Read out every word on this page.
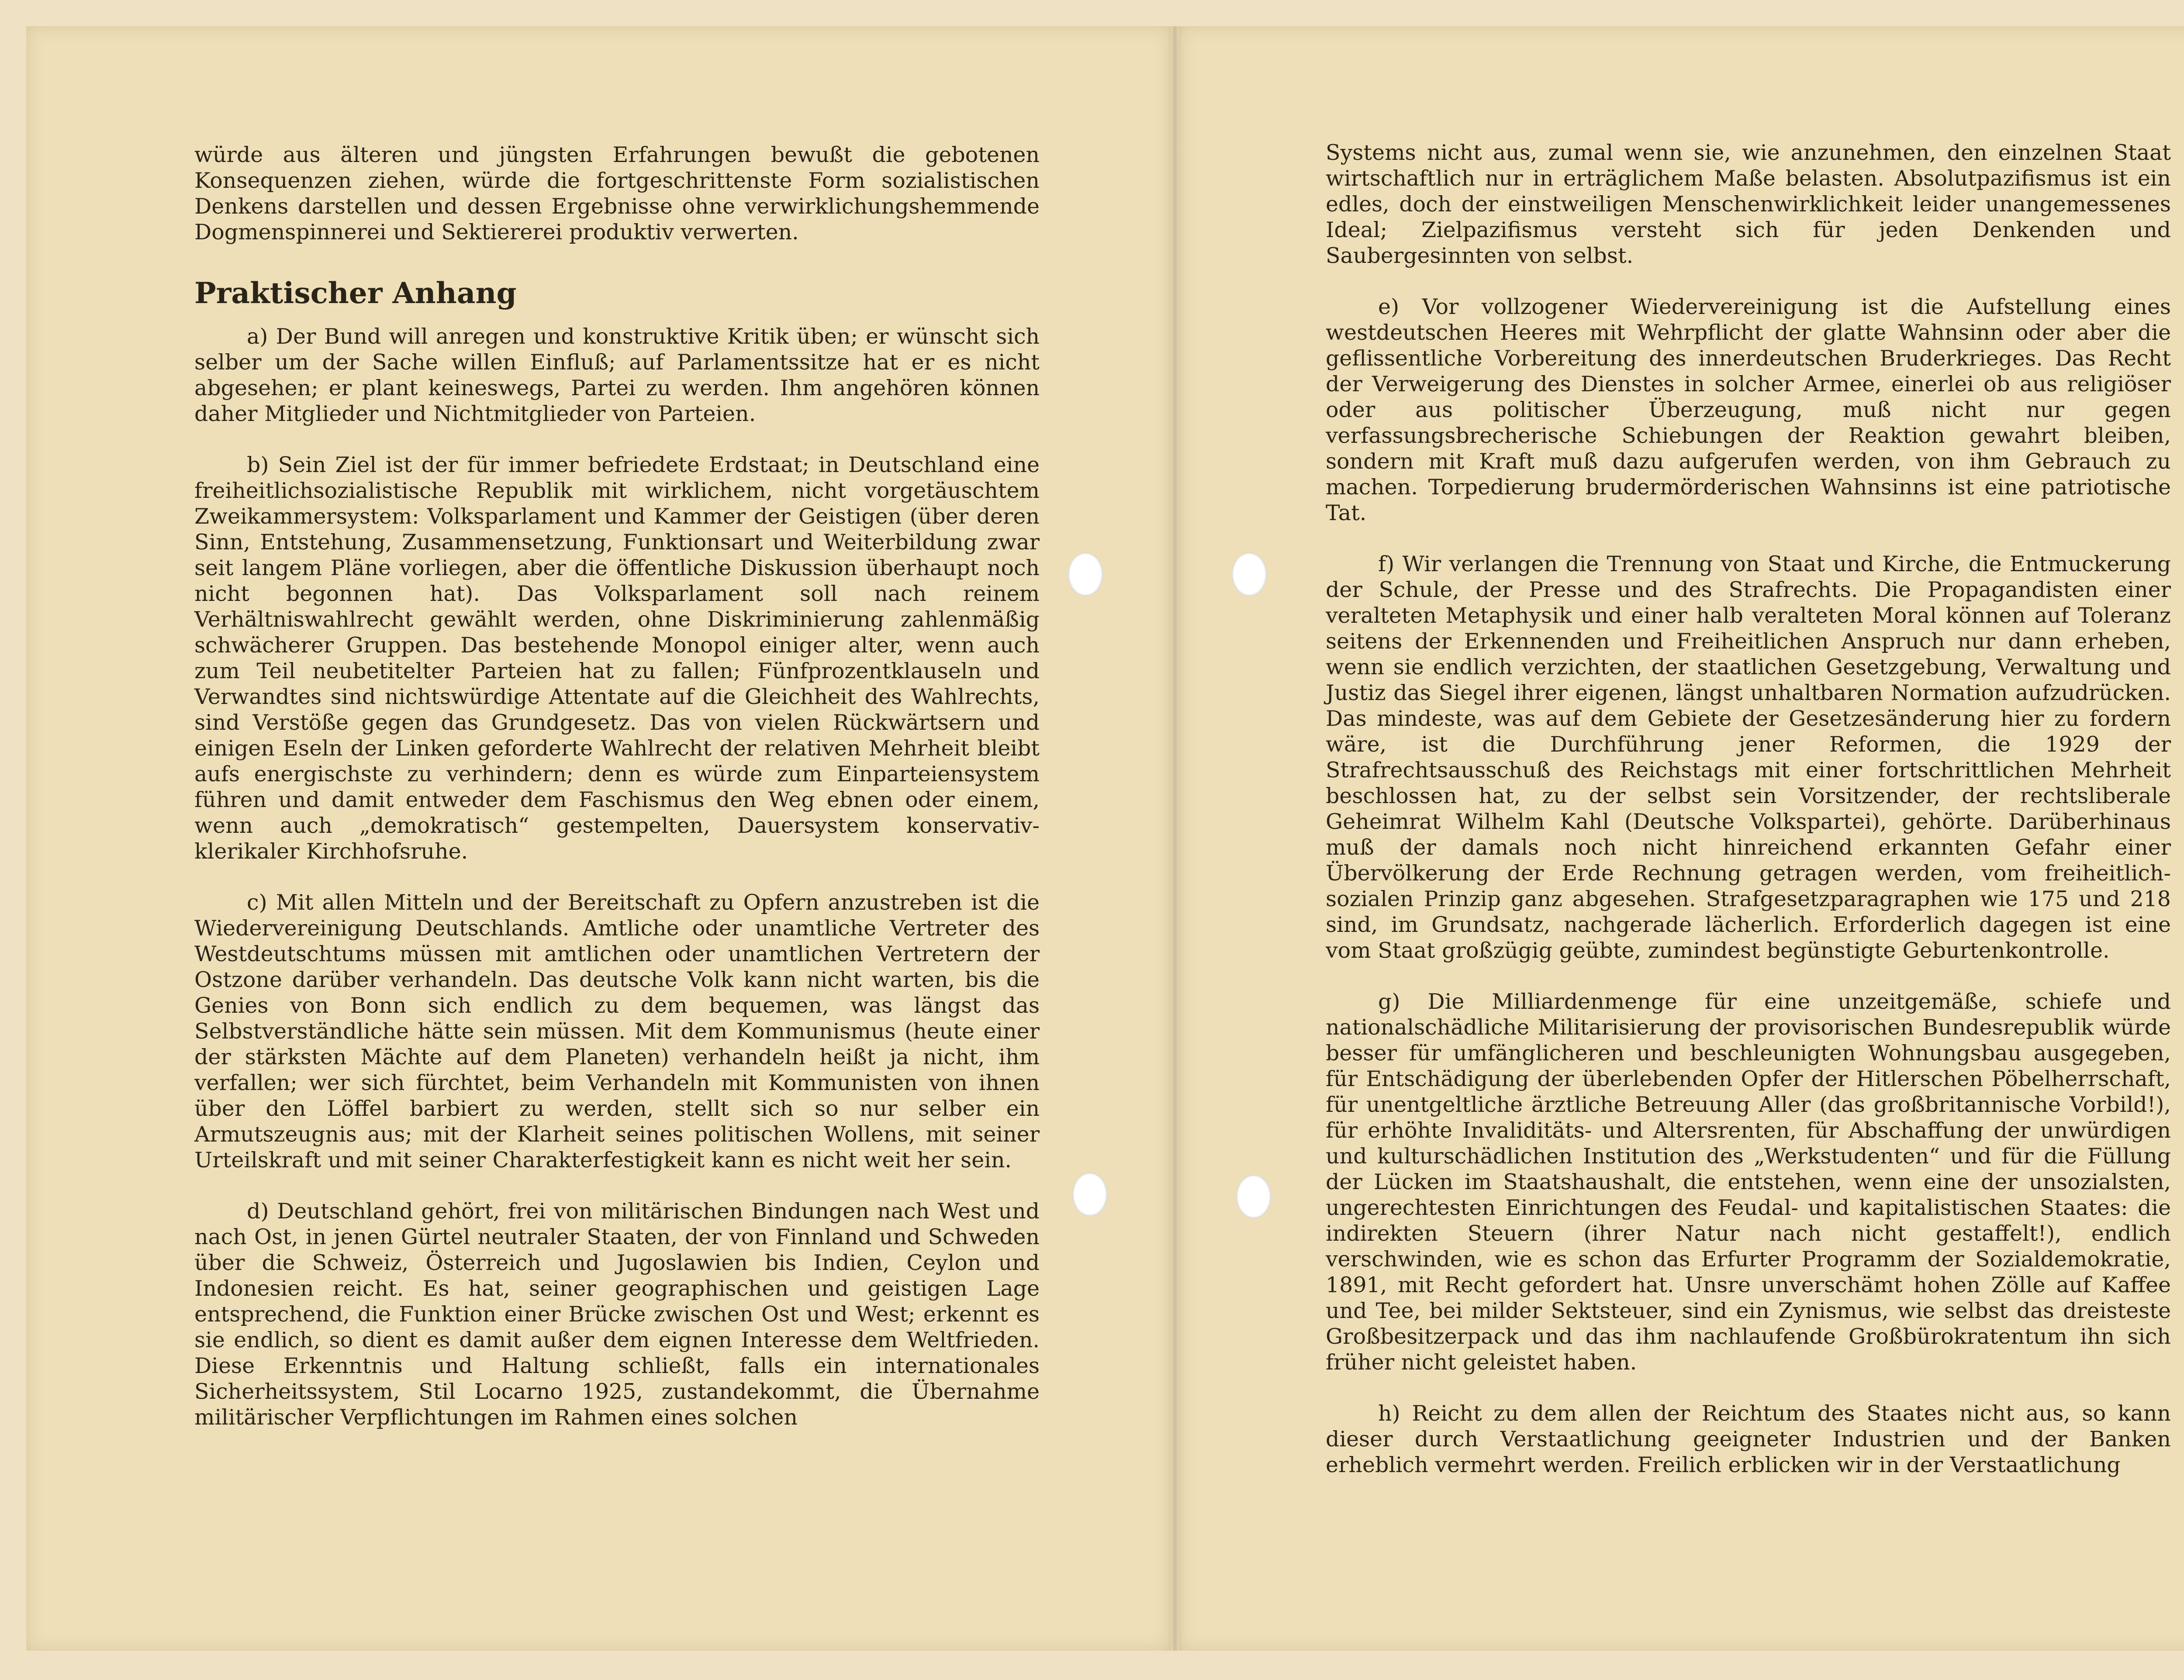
würde aus älteren und jüngsten Erfahrungen bewußt die gebotenen Konsequenzen ziehen, würde die fortgeschrittenste Form sozialistischen Denkens darstellen und dessen Ergebnisse ohne verwirklichungshemmende Dogmenspinnerei und Sektiererei produktiv verwerten.

Praktischer Anhang

a) Der Bund will anregen und konstruktive Kritik üben; er wünscht sich selber um der Sache willen Einfluß; auf Parlamentssitze hat er es nicht abgesehen; er plant keineswegs, Partei zu werden. Ihm angehören können daher Mitglieder und Nichtmitglieder von Parteien.

b) Sein Ziel ist der für immer befriedete Erdstaat; in Deutschland eine freiheitlichsozialistische Republik mit wirklichem, nicht vorgetäuschtem Zweikammersystem: Volksparlament und Kammer der Geistigen (über deren Sinn, Entstehung, Zusammensetzung, Funktionsart und Weiterbildung zwar seit langem Pläne vorliegen, aber die öffentliche Diskussion überhaupt noch nicht begonnen hat). Das Volksparlament soll nach reinem Verhältniswahlrecht gewählt werden, ohne Diskriminierung zahlenmäßig schwächerer Gruppen. Das bestehende Monopol einiger alter, wenn auch zum Teil neubetitelter Parteien hat zu fallen; Fünfprozentklauseln und Verwandtes sind nichtswürdige Attentate auf die Gleichheit des Wahlrechts, sind Verstöße gegen das Grundgesetz. Das von vielen Rückwärtsern und einigen Eseln der Linken geforderte Wahlrecht der relativen Mehrheit bleibt aufs energischste zu verhindern; denn es würde zum Einparteiensystem führen und damit entweder dem Faschismus den Weg ebnen oder einem, wenn auch „demokratisch“ gestempelten, Dauersystem konservativ-klerikaler Kirchhofsruhe.

c) Mit allen Mitteln und der Bereitschaft zu Opfern anzustreben ist die Wiedervereinigung Deutschlands. Amtliche oder unamtliche Vertreter des Westdeutschtums müssen mit amtlichen oder unamtlichen Vertretern der Ostzone darüber verhandeln. Das deutsche Volk kann nicht warten, bis die Genies von Bonn sich endlich zu dem bequemen, was längst das Selbstverständliche hätte sein müssen. Mit dem Kommunismus (heute einer der stärksten Mächte auf dem Planeten) verhandeln heißt ja nicht, ihm verfallen; wer sich fürchtet, beim Verhandeln mit Kommunisten von ihnen über den Löffel barbiert zu werden, stellt sich so nur selber ein Armutszeugnis aus; mit der Klarheit seines politischen Wollens, mit seiner Urteilskraft und mit seiner Charakterfestigkeit kann es nicht weit her sein.

d) Deutschland gehört, frei von militärischen Bindungen nach West und nach Ost, in jenen Gürtel neutraler Staaten, der von Finnland und Schweden über die Schweiz, Österreich und Jugoslawien bis Indien, Ceylon und Indonesien reicht. Es hat, seiner geographischen und geistigen Lage entsprechend, die Funktion einer Brücke zwischen Ost und West; erkennt es sie endlich, so dient es damit außer dem eignen Interesse dem Weltfrieden. Diese Erkenntnis und Haltung schließt, falls ein internationales Sicherheitssystem, Stil Locarno 1925, zustandekommt, die Übernahme militärischer Verpflichtungen im Rahmen eines solchen

Systems nicht aus, zumal wenn sie, wie anzunehmen, den einzelnen Staat wirtschaftlich nur in erträglichem Maße belasten. Absolutpazifismus ist ein edles, doch der einstweiligen Menschenwirklichkeit leider unangemessenes Ideal; Zielpazifismus versteht sich für jeden Denkenden und Saubergesinnten von selbst.

e) Vor vollzogener Wiedervereinigung ist die Aufstellung eines westdeutschen Heeres mit Wehrpflicht der glatte Wahnsinn oder aber die geflissentliche Vorbereitung des innerdeutschen Bruderkrieges. Das Recht der Verweigerung des Dienstes in solcher Armee, einerlei ob aus religiöser oder aus politischer Überzeugung, muß nicht nur gegen verfassungsbrecherische Schiebungen der Reaktion gewahrt bleiben, sondern mit Kraft muß dazu aufgerufen werden, von ihm Gebrauch zu machen. Torpedierung brudermörderischen Wahnsinns ist eine patriotische Tat.

f) Wir verlangen die Trennung von Staat und Kirche, die Entmuckerung der Schule, der Presse und des Strafrechts. Die Propagandisten einer veralteten Metaphysik und einer halb veralteten Moral können auf Toleranz seitens der Erkennenden und Freiheitlichen Anspruch nur dann erheben, wenn sie endlich verzichten, der staatlichen Gesetzgebung, Verwaltung und Justiz das Siegel ihrer eigenen, längst unhaltbaren Normation aufzudrücken. Das mindeste, was auf dem Gebiete der Gesetzesänderung hier zu fordern wäre, ist die Durchführung jener Reformen, die 1929 der Strafrechtsausschuß des Reichstags mit einer fortschrittlichen Mehrheit beschlossen hat, zu der selbst sein Vorsitzender, der rechtsliberale Geheimrat Wilhelm Kahl (Deutsche Volkspartei), gehörte. Darüberhinaus muß der damals noch nicht hinreichend erkannten Gefahr einer Übervölkerung der Erde Rechnung getragen werden, vom freiheitlich-sozialen Prinzip ganz abgesehen. Strafgesetzparagraphen wie 175 und 218 sind, im Grundsatz, nachgerade lächerlich. Erforderlich dagegen ist eine vom Staat großzügig geübte, zumindest begünstigte Geburtenkontrolle.

g) Die Milliardenmenge für eine unzeitgemäße, schiefe und nationalschädliche Militarisierung der provisorischen Bundesrepublik würde besser für umfänglicheren und beschleunigten Wohnungsbau ausgegeben, für Entschädigung der überlebenden Opfer der Hitlerschen Pöbelherrschaft, für unentgeltliche ärztliche Betreuung Aller (das großbritannische Vorbild!), für erhöhte Invaliditäts- und Altersrenten, für Abschaffung der unwürdigen und kulturschädlichen Institution des „Werkstudenten“ und für die Füllung der Lücken im Staatshaushalt, die entstehen, wenn eine der unsozialsten, ungerechtesten Einrichtungen des Feudal- und kapitalistischen Staates: die indirekten Steuern (ihrer Natur nach nicht gestaffelt!), endlich verschwinden, wie es schon das Erfurter Programm der Sozialdemokratie, 1891, mit Recht gefordert hat. Unsre unverschämt hohen Zölle auf Kaffee und Tee, bei milder Sektsteuer, sind ein Zynismus, wie selbst das dreisteste Großbesitzerpack und das ihm nachlaufende Großbürokratentum ihn sich früher nicht geleistet haben.

h) Reicht zu dem allen der Reichtum des Staates nicht aus, so kann dieser durch Verstaatlichung geeigneter Industrien und der Banken erheblich vermehrt werden. Freilich erblicken wir in der Verstaatlichung
